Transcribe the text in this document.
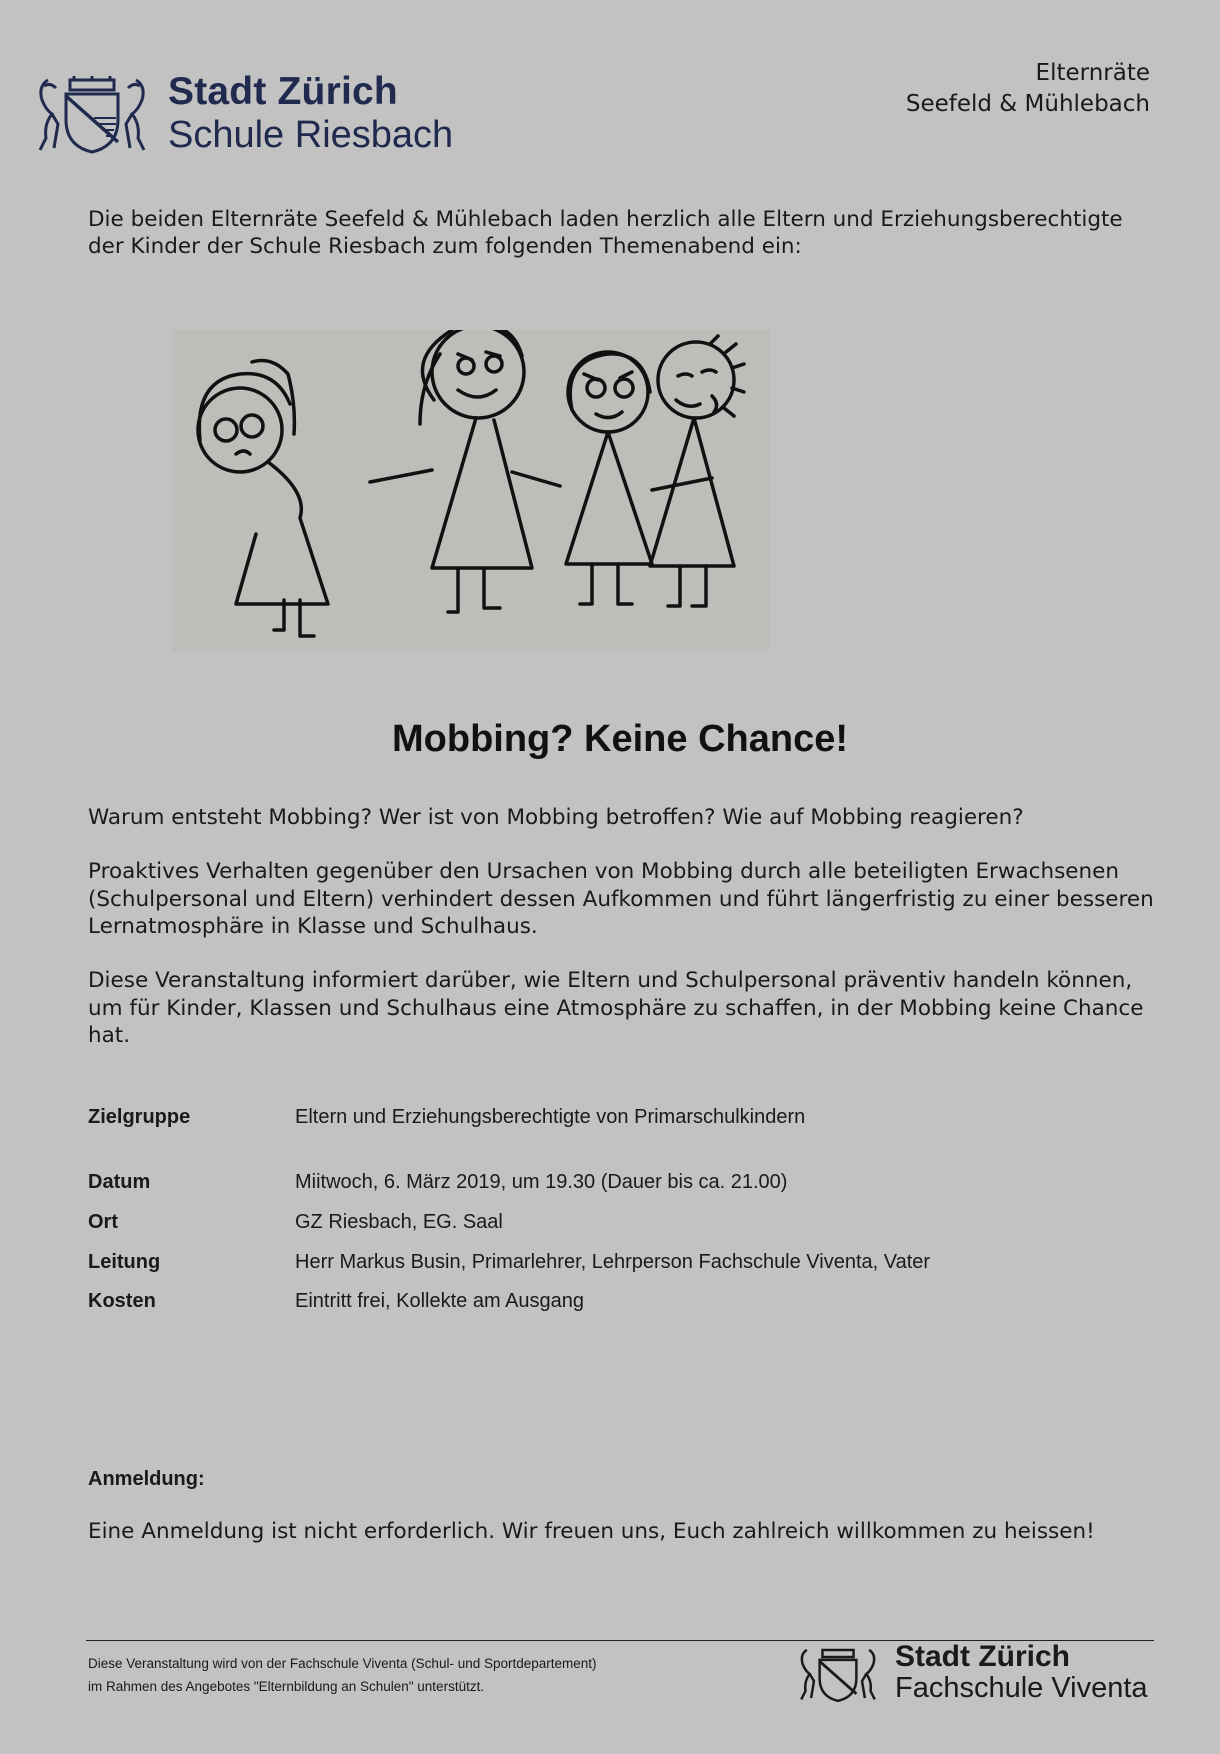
Stadt Zürich
Schule Riesbach
Elternräte
Seefeld & Mühlebach
Die beiden Elternräte Seefeld & Mühlebach laden herzlich alle Eltern und Erziehungsberechtigte der Kinder der Schule Riesbach zum folgenden Themenabend ein:
Mobbing? Keine Chance!
Warum entsteht Mobbing? Wer ist von Mobbing betroffen? Wie auf Mobbing reagieren?
Proaktives Verhalten gegenüber den Ursachen von Mobbing durch alle beteiligten Erwachsenen (Schulpersonal und Eltern) verhindert dessen Aufkommen und führt längerfristig zu einer besseren Lernatmosphäre in Klasse und Schulhaus.
Diese Veranstaltung informiert darüber, wie Eltern und Schulpersonal präventiv handeln können, um für Kinder, Klassen und Schulhaus eine Atmosphäre zu schaffen, in der Mobbing keine Chance hat.
Zielgruppe	Eltern und Erziehungsberechtigte von Primarschulkindern
Datum	Miitwoch, 6. März 2019, um 19.30 (Dauer bis ca. 21.00)
Ort	GZ Riesbach, EG. Saal
Leitung	Herr Markus Busin, Primarlehrer, Lehrperson Fachschule Viventa, Vater
Kosten	Eintritt frei, Kollekte am Ausgang
Anmeldung:
Eine Anmeldung ist nicht erforderlich. Wir freuen uns, Euch zahlreich willkommen zu heissen!
Diese Veranstaltung wird von der Fachschule Viventa (Schul- und Sportdepartement)
im Rahmen des Angebotes "Elternbildung an Schulen" unterstützt.
Stadt Zürich
Fachschule Viventa
